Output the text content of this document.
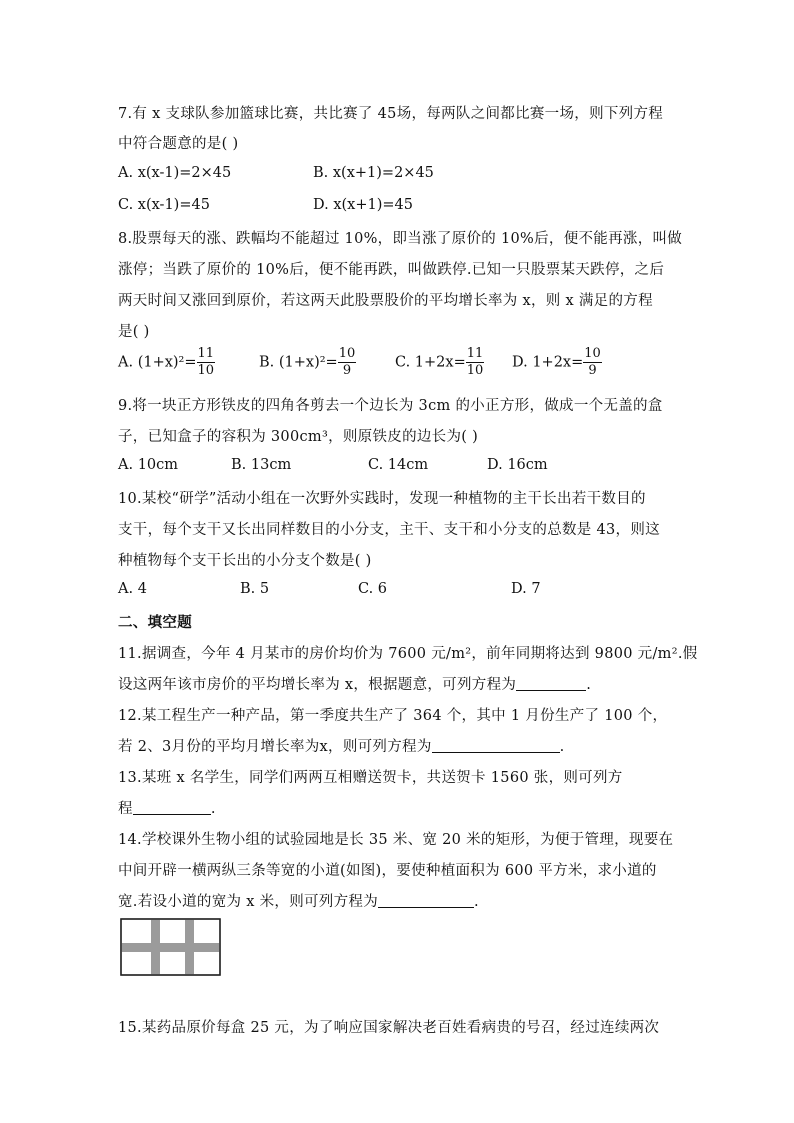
7.有 x 支球队参加篮球比赛，共比赛了 45场，每两队之间都比赛一场，则下列方程
中符合题意的是( )
A. x(x-1)=2×45	B. x(x+1)=2×45
C. x(x-1)=45	D. x(x+1)=45
8.股票每天的涨、跌幅均不能超过 10%，即当涨了原价的 10%后，便不能再涨，叫做
涨停；当跌了原价的 10%后，便不能再跌，叫做跌停.已知一只股票某天跌停，之后
两天时间又涨回到原价，若这两天此股票股价的平均增长率为 x，则 x 满足的方程
是( )
A. $(1+x)^2= \frac{11}{10}$	B. $(1+x)^2= \frac{10}{9}$	C. $1+2x= \frac{11}{10} D$. $1+2x= \frac{10}{9}$
9.将一块正方形铁皮的四角各剪去一个边长为 3cm 的小正方形，做成一个无盖的盒
子，已知盒子的容积为 300cm³，则原铁皮的边长为( )
A. 10cm	B. 13cm	C. 14cm	D. 16cm
10.某校“研学”活动小组在一次野外实践时，发现一种植物的主干长出若干数目的
支干，每个支干又长出同样数目的小分支，主干、支干和小分支的总数是 43，则这
种植物每个支干长出的小分支个数是( )
A. 4	B. 5	C. 6	D. 7
二、填空题
11.据调查，今年 4 月某市的房价均价为 7600 元/m²，前年同期将达到 9800 元/m².假
设这两年该市房价的平均增长率为 x，根据题意，可列方程为	.
12.某工程生产一种产品，第一季度共生产了 364 个，其中 1 月份生产了 100 个，
若 2、3月份的平均月增长率为x，则可列方程为	.
13.某班 x 名学生，同学们两两互相赠送贺卡，共送贺卡 1560 张，则可列方
程	.
14.学校课外生物小组的试验园地是长 35 米、宽 20 米的矩形，为便于管理，现要在
中间开辟一横两纵三条等宽的小道(如图)，要使种植面积为 600 平方米，求小道的
宽.若设小道的宽为 x 米，则可列方程为	.
15.某药品原价每盒 25 元，为了响应国家解决老百姓看病贵的号召，经过连续两次
